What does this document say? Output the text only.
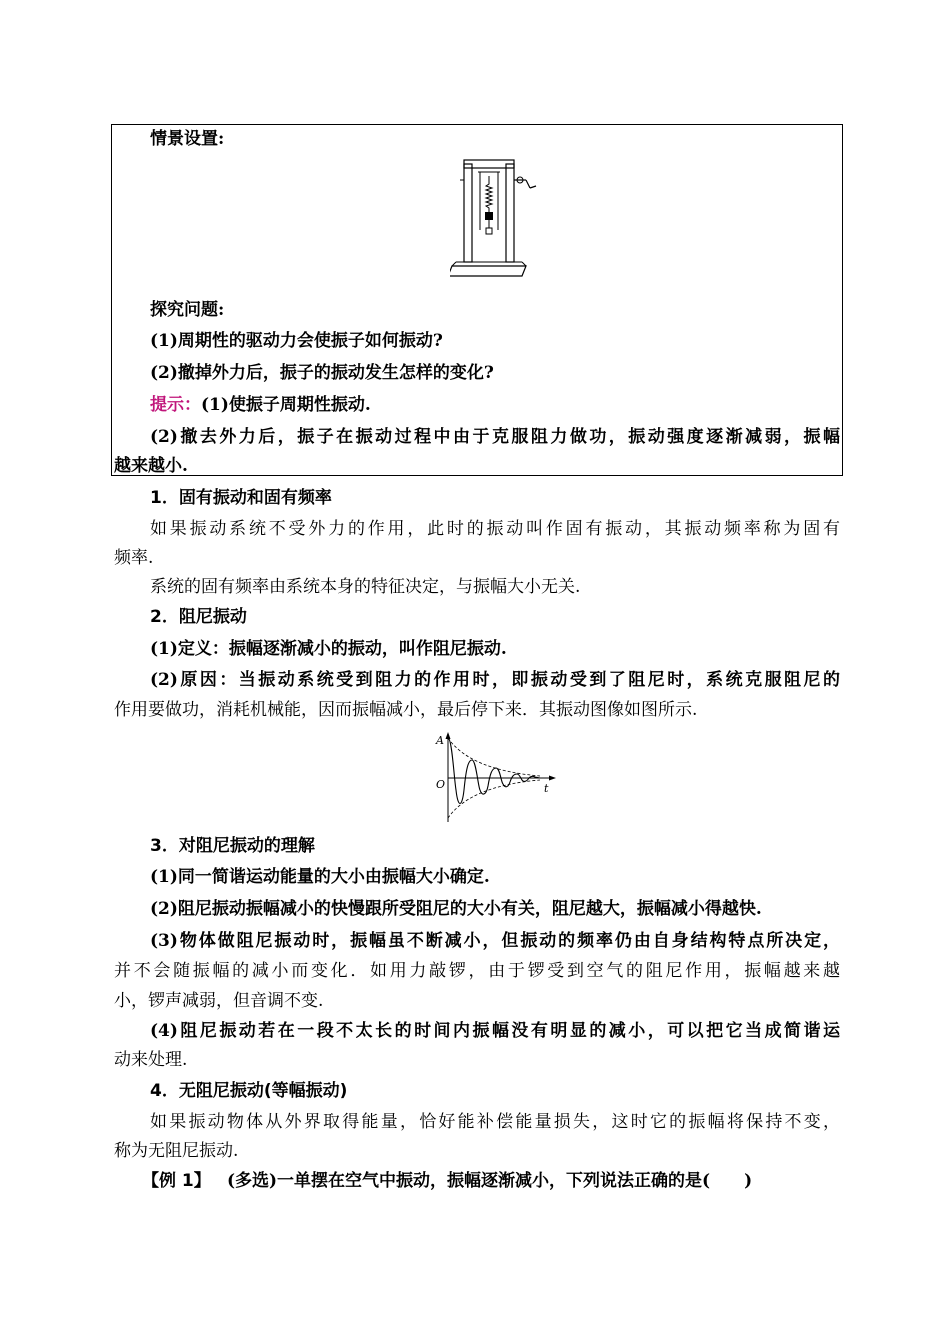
情景设置:
探究问题:
(1)周期性的驱动力会使振子如何振动?
(2)撤掉外力后，振子的振动发生怎样的变化?
提示：(1)使振子周期性振动.
(2)撤去外力后，振子在振动过程中由于克服阻力做功，振动强度逐渐减弱，振幅
越来越小.
1．固有振动和固有频率
如果振动系统不受外力的作用，此时的振动叫作固有振动，其振动频率称为固有
频率.
系统的固有频率由系统本身的特征决定，与振幅大小无关.
2．阻尼振动
(1)定义：振幅逐渐减小的振动，叫作阻尼振动.
(2)原因：当振动系统受到阻力的作用时，即振动受到了阻尼时，系统克服阻尼的
作用要做功，消耗机械能，因而振幅减小，最后停下来．其振动图像如图所示.
A
O	t
3．对阻尼振动的理解
(1)同一简谐运动能量的大小由振幅大小确定.
(2)阻尼振动振幅减小的快慢跟所受阻尼的大小有关，阻尼越大，振幅减小得越快.
(3)物体做阻尼振动时，振幅虽不断减小，但振动的频率仍由自身结构特点所决定，
并不会随振幅的减小而变化．如用力敲锣，由于锣受到空气的阻尼作用，振幅越来越
小，锣声减弱，但音调不变.
(4)阻尼振动若在一段不太长的时间内振幅没有明显的减小，可以把它当成简谐运
动来处理.
4．无阻尼振动(等幅振动)
如果振动物体从外界取得能量，恰好能补偿能量损失，这时它的振幅将保持不变，
称为无阻尼振动.
【例 1】 (多选)一单摆在空气中振动，振幅逐渐减小，下列说法正确的是(　　)
